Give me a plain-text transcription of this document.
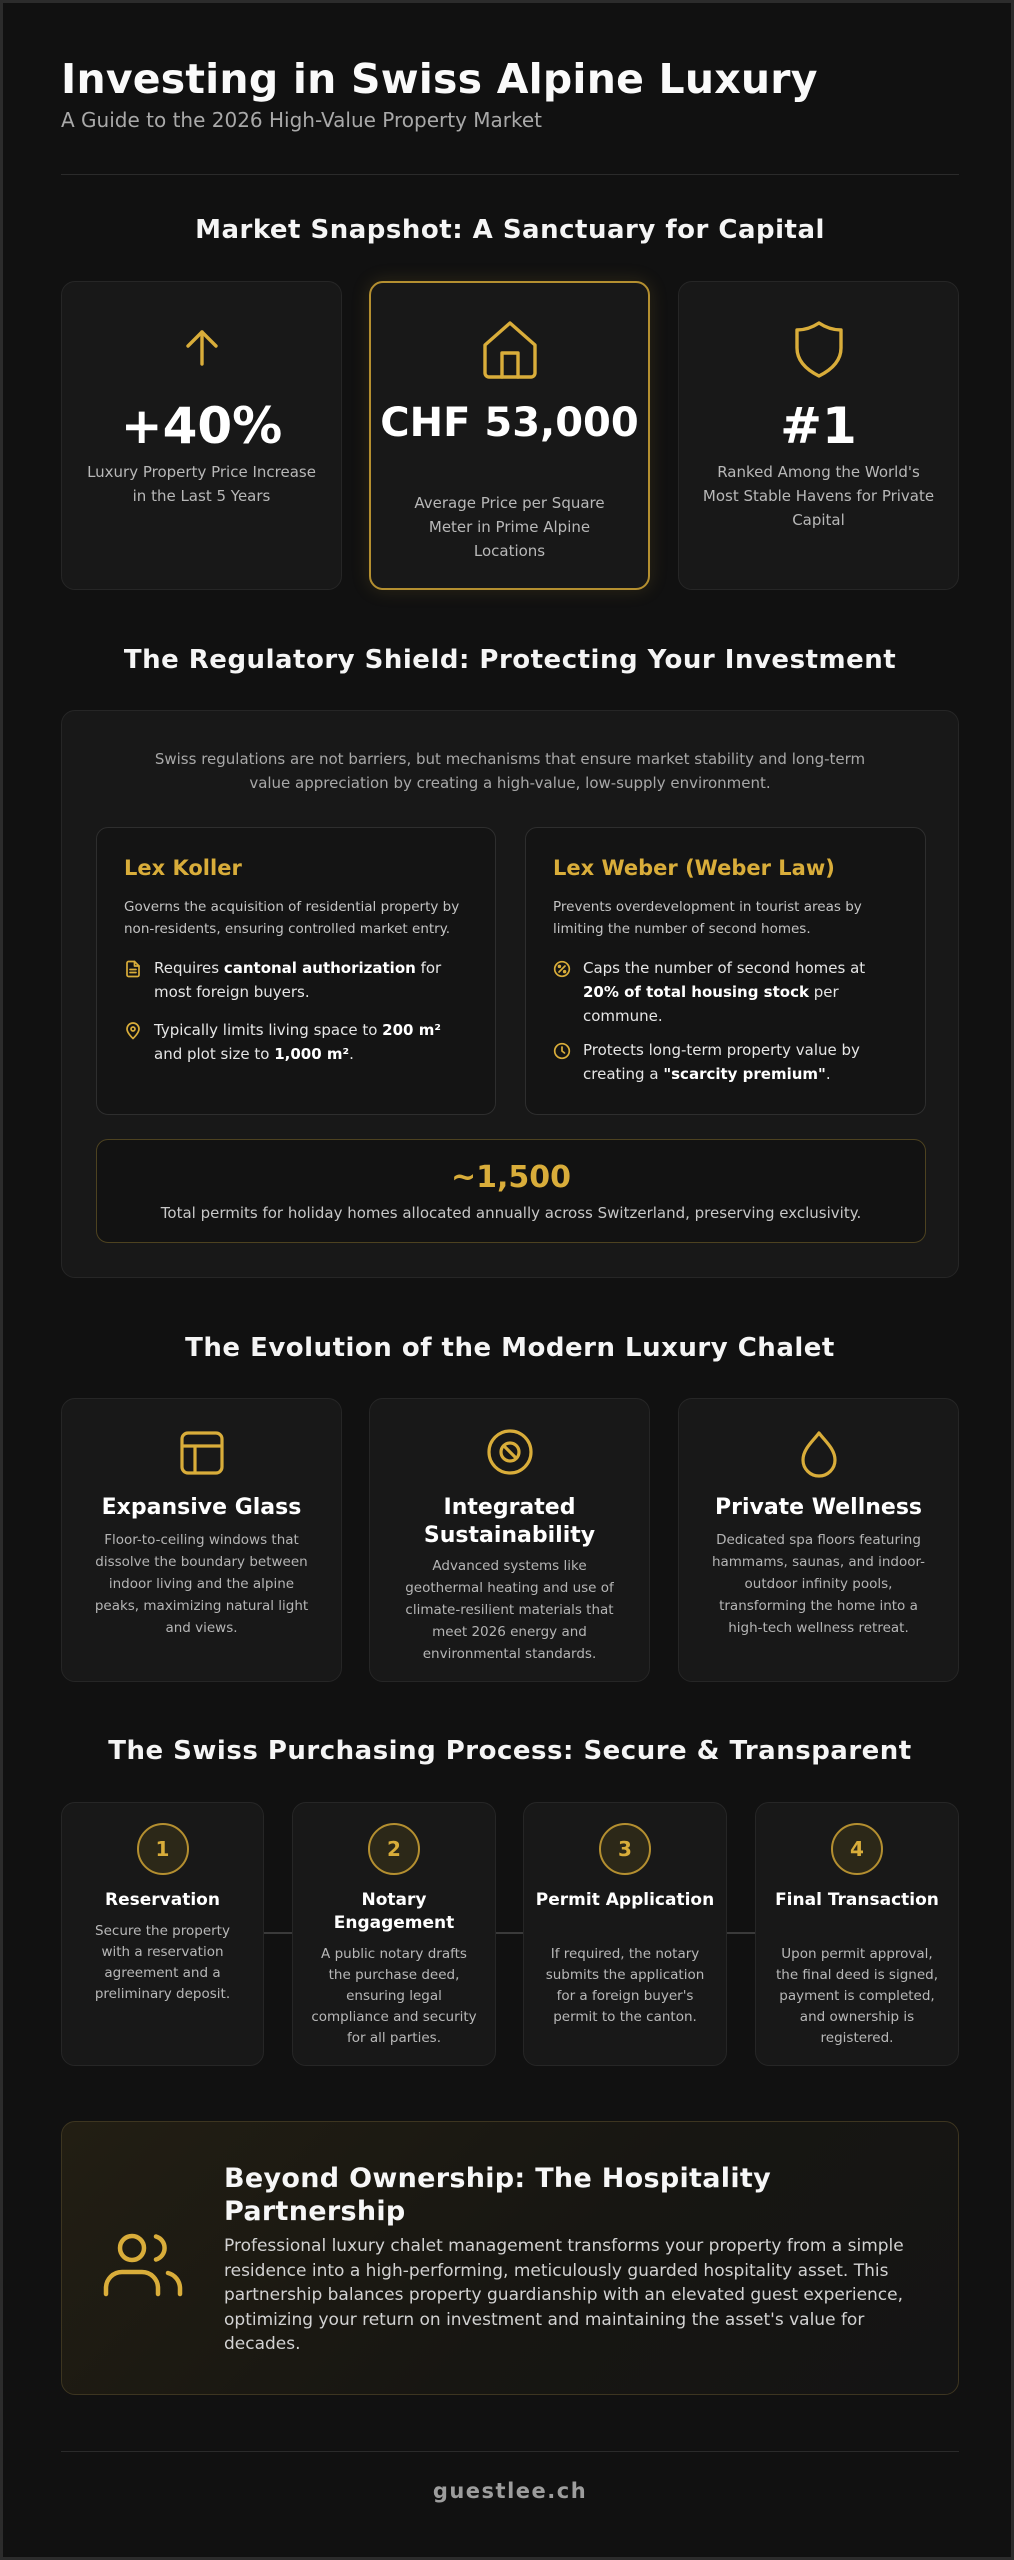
Investing in Swiss Alpine Luxury
A Guide to the 2026 High-Value Property Market
Market Snapshot: A Sanctuary for Capital
+40%
Luxury Property Price Increase in the Last 5 Years
CHF 53,000
Average Price per Square Meter in Prime Alpine Locations
#1
Ranked Among the World's Most Stable Havens for Private Capital
The Regulatory Shield: Protecting Your Investment
Swiss regulations are not barriers, but mechanisms that ensure market stability and long-term value appreciation by creating a high-value, low-supply environment.
Lex Koller
Governs the acquisition of residential property by non-residents, ensuring controlled market entry.
Requires cantonal authorization for most foreign buyers.
Typically limits living space to 200 m² and plot size to 1,000 m².
Lex Weber (Weber Law)
Prevents overdevelopment in tourist areas by limiting the number of second homes.
Caps the number of second homes at 20% of total housing stock per commune.
Protects long-term property value by creating a "scarcity premium".
~1,500
Total permits for holiday homes allocated annually across Switzerland, preserving exclusivity.
The Evolution of the Modern Luxury Chalet
Expansive Glass
Floor-to-ceiling windows that dissolve the boundary between indoor living and the alpine peaks, maximizing natural light and views.
Integrated Sustainability
Advanced systems like geothermal heating and use of climate-resilient materials that meet 2026 energy and environmental standards.
Private Wellness
Dedicated spa floors featuring hammams, saunas, and indoor-outdoor infinity pools, transforming the home into a high-tech wellness retreat.
The Swiss Purchasing Process: Secure & Transparent
1
Reservation
Secure the property with a reservation agreement and a preliminary deposit.
2
Notary Engagement
A public notary drafts the purchase deed, ensuring legal compliance and security for all parties.
3
Permit Application
If required, the notary submits the application for a foreign buyer's permit to the canton.
4
Final Transaction
Upon permit approval, the final deed is signed, payment is completed, and ownership is registered.
Beyond Ownership: The Hospitality Partnership
Professional luxury chalet management transforms your property from a simple residence into a high-performing, meticulously guarded hospitality asset. This partnership balances property guardianship with an elevated guest experience, optimizing your return on investment and maintaining the asset's value for decades.
guestlee.ch
